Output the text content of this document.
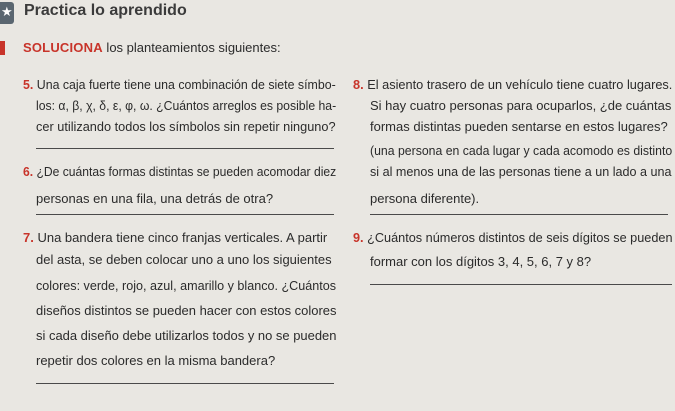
★ Practica lo aprendido
SOLUCIONA los planteamientos siguientes:
5. Una caja fuerte tiene una combinación de siete símbo-
los: α, β, χ, δ, ε, φ, ω. ¿Cuántos arreglos es posible ha-
cer utilizando todos los símbolos sin repetir ninguno?
6. ¿De cuántas formas distintas se pueden acomodar diez
personas en una fila, una detrás de otra?
7. Una bandera tiene cinco franjas verticales. A partir
del asta, se deben colocar uno a uno los siguientes
colores: verde, rojo, azul, amarillo y blanco. ¿Cuántos
diseños distintos se pueden hacer con estos colores
si cada diseño debe utilizarlos todos y no se pueden
repetir dos colores en la misma bandera?
8. El asiento trasero de un vehículo tiene cuatro lugares.
Si hay cuatro personas para ocuparlos, ¿de cuántas
formas distintas pueden sentarse en estos lugares?
(una persona en cada lugar y cada acomodo es distinto
si al menos una de las personas tiene a un lado a una
persona diferente).
9. ¿Cuántos números distintos de seis dígitos se pueden
formar con los dígitos 3, 4, 5, 6, 7 y 8?
